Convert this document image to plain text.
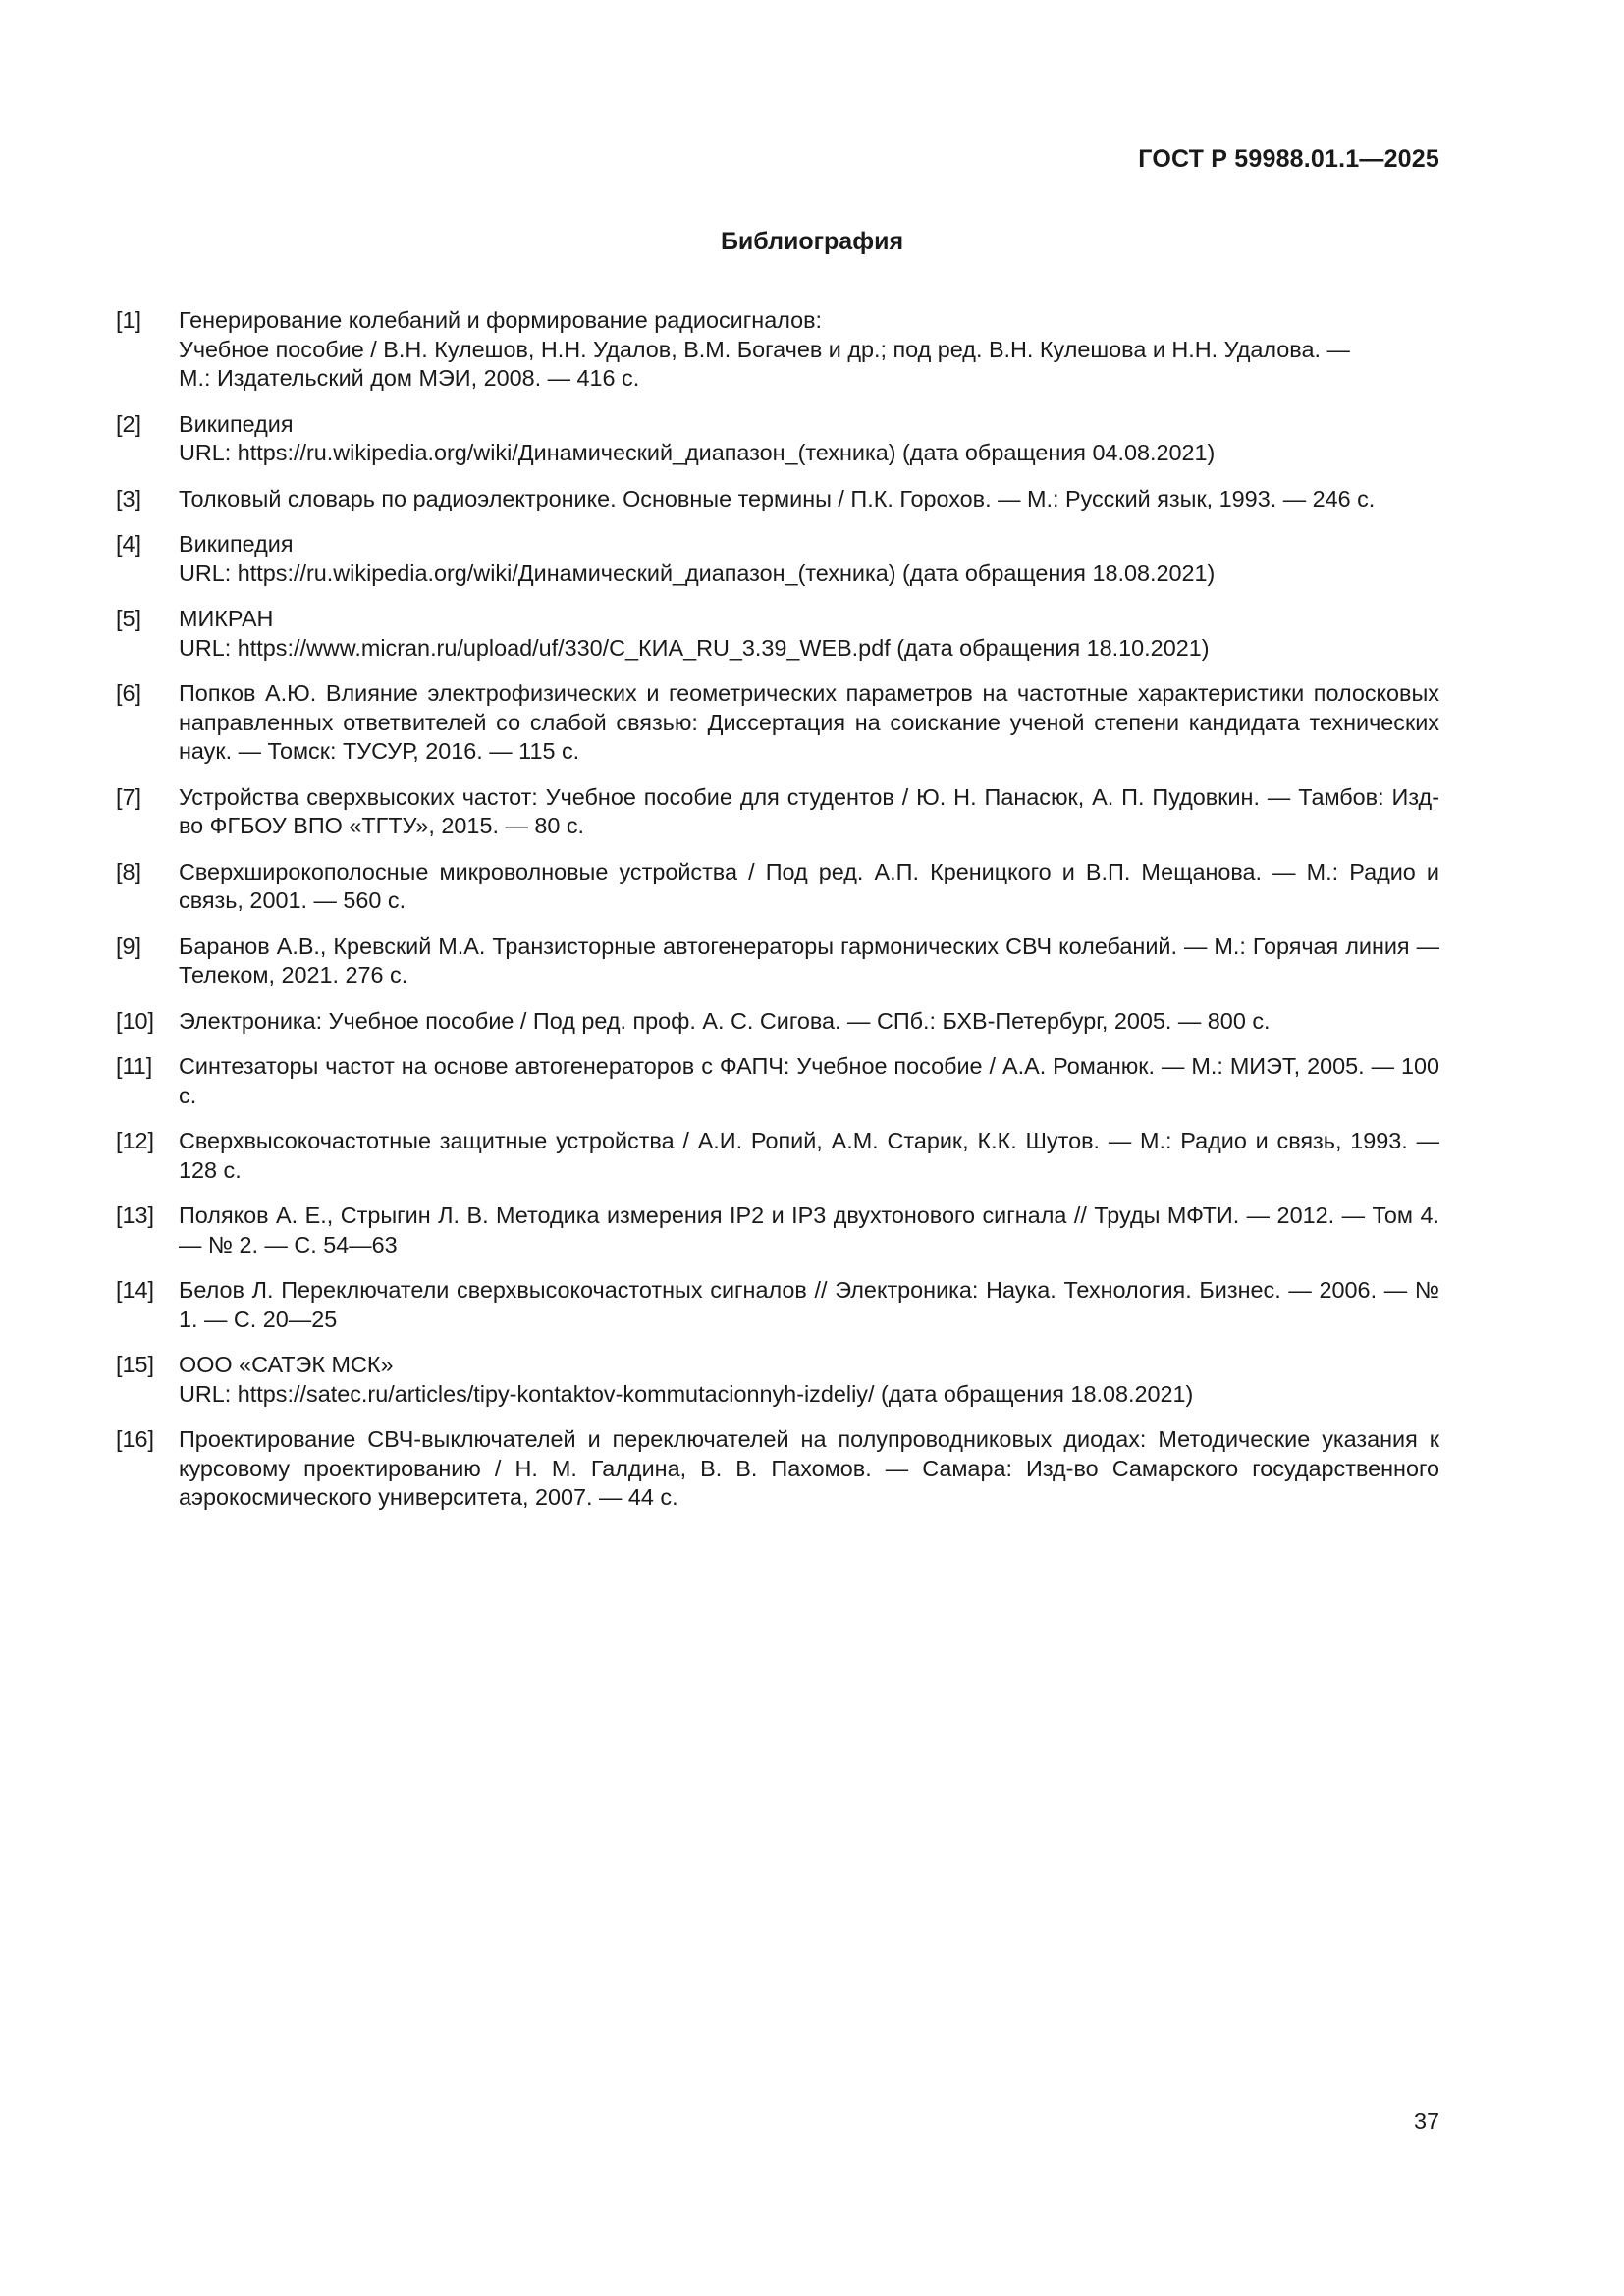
ГОСТ Р 59988.01.1—2025
Библиография
[1]	Генерирование колебаний и формирование радиосигналов:
Учебное пособие / В.Н. Кулешов, Н.Н. Удалов, В.М. Богачев и др.; под ред. В.Н. Кулешова и Н.Н. Удалова. —
М.: Издательский дом МЭИ, 2008. — 416 с.
[2]	Википедия
URL: https://ru.wikipedia.org/wiki/Динамический_диапазон_(техника) (дата обращения 04.08.2021)
[3]	Толковый словарь по радиоэлектронике. Основные термины / П.К. Горохов. — М.: Русский язык, 1993. — 246 с.
[4]	Википедия
URL: https://ru.wikipedia.org/wiki/Динамический_диапазон_(техника) (дата обращения 18.08.2021)
[5]	МИКРАН
URL: https://www.micran.ru/upload/uf/330/C_КИА_RU_3.39_WEB.pdf (дата обращения 18.10.2021)
[6]	Попков А.Ю. Влияние электрофизических и геометрических параметров на частотные характеристики полосковых направленных ответвителей со слабой связью: Диссертация на соискание ученой степени кандидата технических наук. — Томск: ТУСУР, 2016. — 115 с.
[7]	Устройства сверхвысоких частот: Учебное пособие для студентов / Ю. Н. Панасюк, А. П. Пудовкин. — Тамбов: Изд-во ФГБОУ ВПО «ТГТУ», 2015. — 80 с.
[8]	Сверхширокополосные микроволновые устройства / Под ред. А.П. Креницкого и В.П. Мещанова. — М.: Радио и связь, 2001. — 560 с.
[9]	Баранов А.В., Кревский М.А. Транзисторные автогенераторы гармонических СВЧ колебаний. — М.: Горячая линия — Телеком, 2021. 276 с.
[10]	Электроника: Учебное пособие / Под ред. проф. А. С. Сигова. — СПб.: БХВ-Петербург, 2005. — 800 с.
[11]	Синтезаторы частот на основе автогенераторов с ФАПЧ: Учебное пособие / А.А. Романюк. — М.: МИЭТ, 2005. — 100 с.
[12]	Сверхвысокочастотные защитные устройства / А.И. Ропий, А.М. Старик, К.К. Шутов. — М.: Радио и связь, 1993. — 128 с.
[13]	Поляков А. Е., Стрыгин Л. В. Методика измерения IP2 и IP3 двухтонового сигнала // Труды МФТИ. — 2012. — Том 4. — № 2. — С. 54—63
[14]	Белов Л. Переключатели сверхвысокочастотных сигналов // Электроника: Наука. Технология. Бизнес. — 2006. — № 1. — С. 20—25
[15]	ООО «САТЭК МСК»
URL: https://satec.ru/articles/tipy-kontaktov-kommutacionnyh-izdeliy/ (дата обращения 18.08.2021)
[16]	Проектирование СВЧ-выключателей и переключателей на полупроводниковых диодах: Методические указания к курсовому проектированию / Н. М. Галдина, В. В. Пахомов. — Самара: Изд-во Самарского государственного аэрокосмического университета, 2007. — 44 с.
37
